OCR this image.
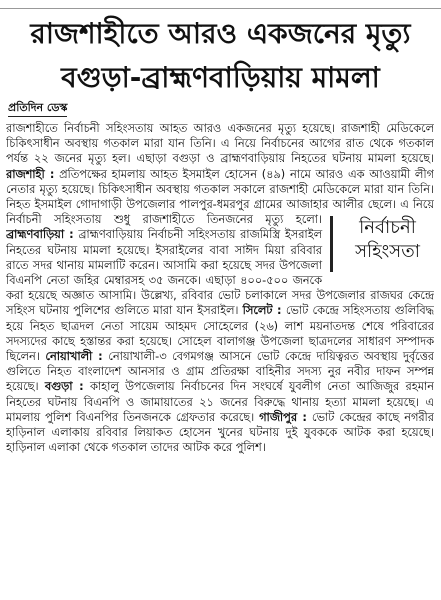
রাজশাহীতে আরও একজনের মৃত্যু
বগুড়া-ব্রাহ্মণবাড়িয়ায় মামলা
প্রতিদিন ডেস্ক
রাজশাহীতে নির্বাচনী সহিংসতায় আহত আরও একজনের মৃত্যু হয়েছে। রাজশাহী মেডিকেলে চিকিৎসাধীন অবস্থায় গতকাল মারা যান তিনি। এ নিয়ে নির্বাচনের আগের রাত থেকে গতকাল পর্যন্ত ২২ জনের মৃত্যু হল। এছাড়া বগুড়া ও ব্রাহ্মণবাড়িয়ায় নিহতের ঘটনায় মামলা হয়েছে। রাজশাহী : প্রতিপক্ষের হামলায় আহত ইসমাইল হোসেন (৪৯) নামে আরও এক আওয়ামী লীগ নেতার মৃত্যু হয়েছে। চিকিৎসাধীন অবস্থায় গতকাল সকালে রাজশাহী মেডিকেলে মারা যান তিনি। নিহত ইসমাইল গোদাগাড়ী উপজেলার পালপুর-ধমরপুর গ্রামের আজাহার আলীর ছেলে। এ নিয়ে নির্বাচনী সহিংসতায় শুধু রাজশাহীতে তিনজনের মৃত্যু হলো।	নির্বাচনী
সহিংসতা
ব্রাহ্মণবাড়িয়া : ব্রাহ্মণবাড়িয়ায় নির্বাচনী সহিংসতায় রাজমিস্ত্রি ইসরাইল নিহতের ঘটনায় মামলা হয়েছে। ইসরাইলের বাবা সাঈদ মিয়া রবিবার রাতে সদর থানায় মামলাটি করেন। আসামি করা হয়েছে সদর উপজেলা বিএনপি নেতা জহির মেম্বারসহ ৩৫ জনকে। এছাড়া ৪০০-৫০০ জনকে করা হয়েছে অজ্ঞাত আসামি। উল্লেখ্য, রবিবার ভোট চলাকালে সদর উপজেলার রাজঘর কেন্দ্রে সহিংস ঘটনায় পুলিশের গুলিতে মারা যান ইসরাইল। সিলেট : ভোট কেন্দ্রে সহিংসতায় গুলিবিদ্ধ হয়ে নিহত ছাত্রদল নেতা সায়েম আহমদ সোহেলের (২৬) লাশ ময়নাতদন্ত শেষে পরিবারের সদস্যদের কাছে হস্তান্তর করা হয়েছে। সোহেল বালাগঞ্জ উপজেলা ছাত্রদলের সাধারণ সম্পাদক ছিলেন। নোয়াখালী : নোয়াখালী-৩ বেগমগঞ্জ আসনে ভোট কেন্দ্রে দায়িত্বরত অবস্থায় দুর্বৃত্তের গুলিতে নিহত বাংলাদেশ আনসার ও গ্রাম প্রতিরক্ষা বাহিনীর সদস্য নুর নবীর দাফন সম্পন্ন হয়েছে। বগুড়া : কাহালু উপজেলায় নির্বাচনের দিন সংঘর্ষে যুবলীগ নেতা আজিজুর রহমান নিহতের ঘটনায় বিএনপি ও জামায়াতের ২১ জনের বিরুদ্ধে থানায় হত্যা মামলা হয়েছে। এ মামলায় পুলিশ বিএনপির তিনজনকে গ্রেফতার করেছে। গাজীপুর : ভোট কেন্দ্রের কাছে নগরীর হাড়িনাল এলাকায় রবিবার লিয়াকত হোসেন খুনের ঘটনায় দুই যুবককে আটক করা হয়েছে। হাড়িনাল এলাকা থেকে গতকাল তাদের আটক করে পুলিশ।
